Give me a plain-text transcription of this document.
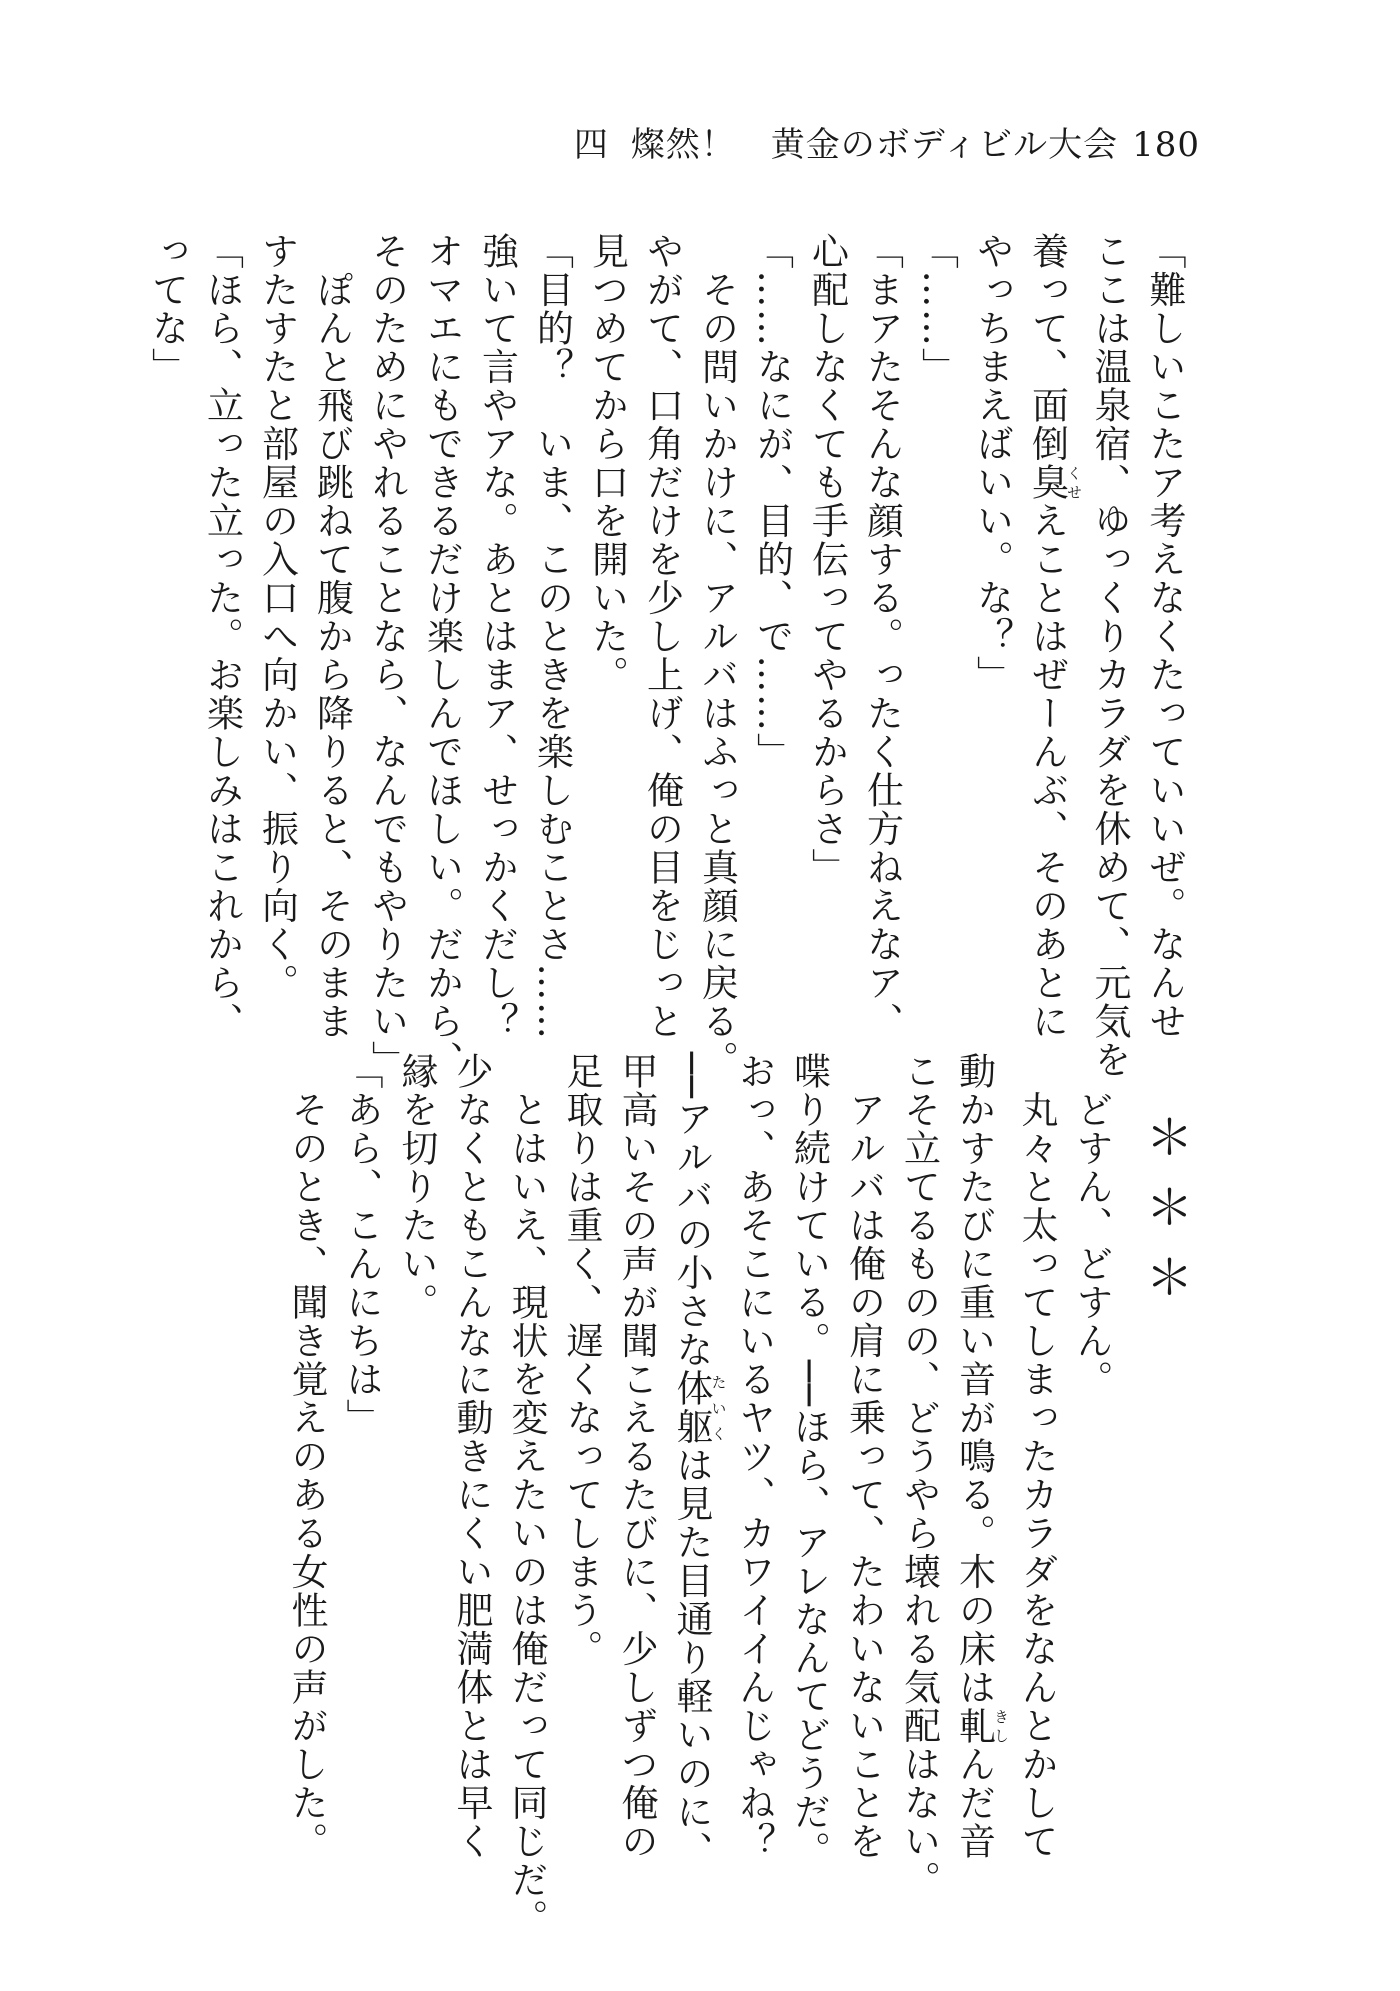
四 燦然！　黄金のボディビル大会 180
「難しいこたア考えなくたっていいぜ。なんせ
ここは温泉宿、ゆっくりカラダを休めて、元気を
養って、面倒臭くせえことはぜーんぶ、そのあとに
やっちまえばいい。な？」
「……」
「まアたそんな顔する。ったく仕方ねえなア、
心配しなくても手伝ってやるからさ」
「……なにが、目的、で……」
　その問いかけに、アルバはふっと真顔に戻る。
やがて、口角だけを少し上げ、俺の目をじっと
見つめてから口を開いた。
「目的？　いま、このときを楽しむことさ……
強いて言やアな。あとはまア、せっかくだし？
オマエにもできるだけ楽しんでほしい。だから、
そのためにやれることなら、なんでもやりたい」
　ぽんと飛び跳ねて腹から降りると、そのまま
すたすたと部屋の入口へ向かい、振り向く。
「ほら、立った立った。お楽しみはこれから、
ってな」
＊＊＊
　どすん、どすん。
　丸々と太ってしまったカラダをなんとかして
動かすたびに重い音が鳴る。木の床は軋きしんだ音
こそ立てるものの、どうやら壊れる気配はない。
　アルバは俺の肩に乗って、たわいないことを
喋り続けている。──ほら、アレなんてどうだ。
おっ、あそこにいるヤツ、カワイイんじゃね？
──アルバの小さな体躯たいくは見た目通り軽いのに、
甲高いその声が聞こえるたびに、少しずつ俺の
足取りは重く、遅くなってしまう。
　とはいえ、現状を変えたいのは俺だって同じだ。
少なくともこんなに動きにくい肥満体とは早く
縁を切りたい。
「あら、こんにちは」
　そのとき、聞き覚えのある女性の声がした。
